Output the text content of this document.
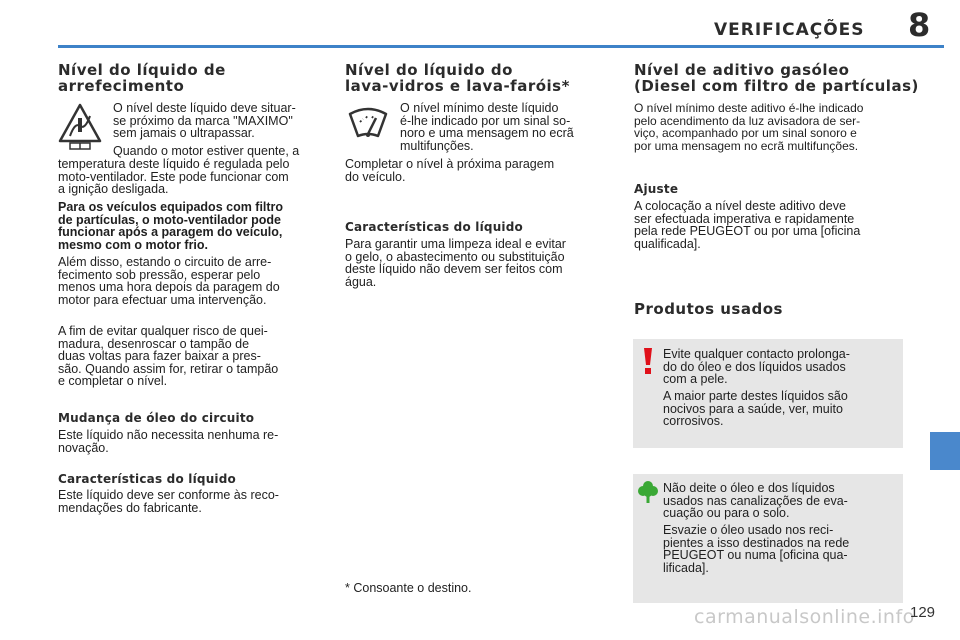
VERIFICAÇÕES 8
Nível do líquido de
arrefecimento

O nível deste líquido deve situar-
se próximo da marca "MAXIMO"
sem jamais o ultrapassar.

Quando o motor estiver quente, a

temperatura deste líquido é regulada pelo
moto-ventilador. Este pode funcionar com
a ignição desligada.

Para os veículos equipados com filtro
de partículas, o moto-ventilador pode
funcionar após a paragem do veículo,
mesmo com o motor frio.

Além disso, estando o circuito de arre-
fecimento sob pressão, esperar pelo
menos uma hora depois da paragem do
motor para efectuar uma intervenção.

A fim de evitar qualquer risco de quei-
madura, desenroscar o tampão de
duas voltas para fazer baixar a pres-
são. Quando assim for, retirar o tampão
e completar o nível.

Mudança de óleo do circuito

Este líquido não necessita nenhuma re-
novação.

Características do líquido

Este líquido deve ser conforme às reco-
mendações do fabricante.

Nível do líquido do
lava-vidros e lava-faróis*

O nível mínimo deste líquido
é-lhe indicado por um sinal so-
noro e uma mensagem no ecrã
multifunções.

Completar o nível à próxima paragem
do veículo.

Características do líquido

Para garantir uma limpeza ideal e evitar
o gelo, o abastecimento ou substituição
deste líquido não devem ser feitos com
água.

* Consoante o destino.

Nível de aditivo gasóleo
(Diesel com filtro de partículas)

O nível mínimo deste aditivo é-lhe indicado
pelo acendimento da luz avisadora de ser-
viço, acompanhado por um sinal sonoro e
por uma mensagem no ecrã multifunções.

Ajuste

A colocação a nível deste aditivo deve
ser efectuada imperativa e rapidamente
pela rede PEUGEOT ou por uma [oficina
qualificada].

Produtos usados

Evite qualquer contacto prolonga-
do do óleo e dos líquidos usados
com a pele.

A maior parte destes líquidos são
nocivos para a saúde, ver, muito
corrosivos.

Não deite o óleo e dos líquidos
usados nas canalizações de eva-
cuação ou para o solo.

Esvazie o óleo usado nos reci-
pientes a isso destinados na rede
PEUGEOT ou numa [oficina qua-
lificada].

carmanualsonline.info
129
